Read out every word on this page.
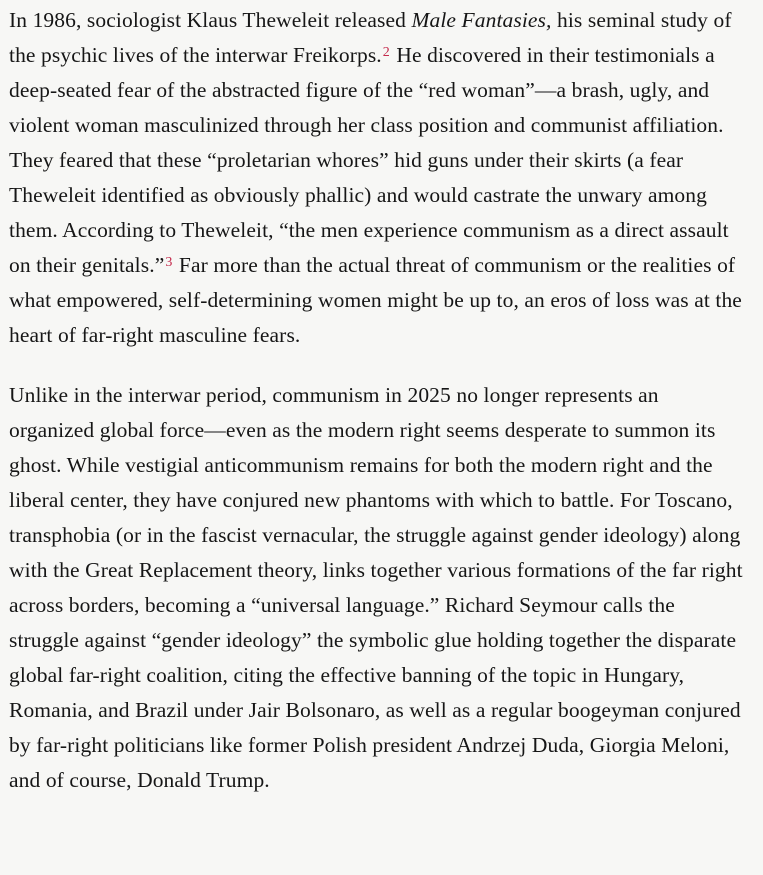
In 1986, sociologist Klaus Theweleit released Male Fantasies, his seminal study of the psychic lives of the interwar Freikorps.$^2$ He discovered in their testimonials a deep-seated fear of the abstracted figure of the “red woman”—a brash, ugly, and violent woman masculinized through her class position and communist affiliation. They feared that these “proletarian whores” hid guns under their skirts (a fear Theweleit identified as obviously phallic) and would castrate the unwary among them. According to Theweleit, “the men experience communism as a direct assault on their genitals.”$^3$ Far more than the actual threat of communism or the realities of what empowered, self-determining women might be up to, an eros of loss was at the heart of far-right masculine fears.

Unlike in the interwar period, communism in 2025 no longer represents an organized global force—even as the modern right seems desperate to summon its ghost. While vestigial anticommunism remains for both the modern right and the liberal center, they have conjured new phantoms with which to battle. For Toscano, transphobia (or in the fascist vernacular, the struggle against gender ideology) along with the Great Replacement theory, links together various formations of the far right across borders, becoming a “universal language.” Richard Seymour calls the struggle against “gender ideology” the symbolic glue holding together the disparate global far-right coalition, citing the effective banning of the topic in Hungary, Romania, and Brazil under Jair Bolsonaro, as well as a regular boogeyman conjured by far-right politicians like former Polish president Andrzej Duda, Giorgia Meloni, and of course, Donald Trump.
